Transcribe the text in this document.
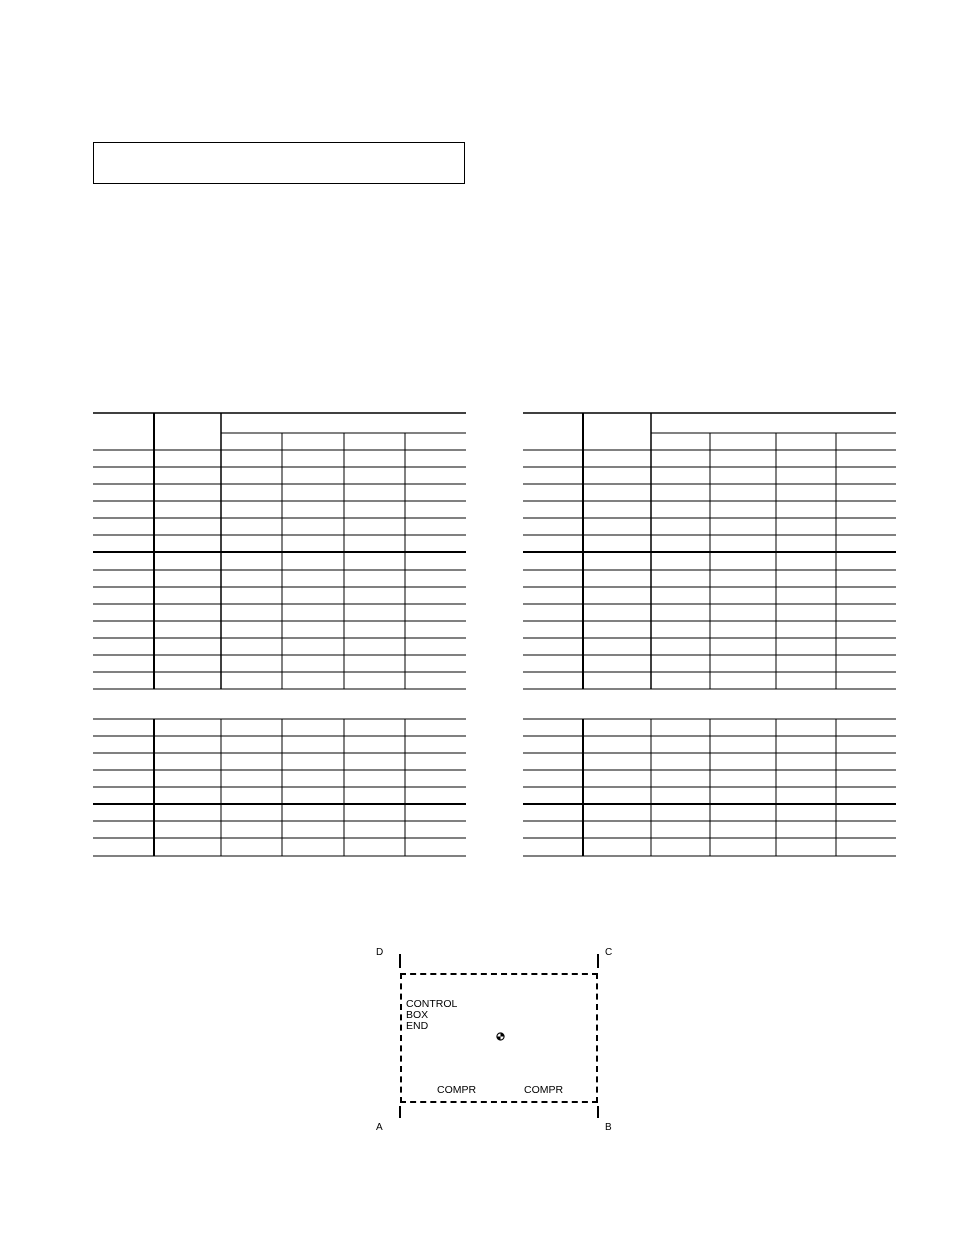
D	C
A	B
CONTROL
BOX
END
COMPR	COMPR
